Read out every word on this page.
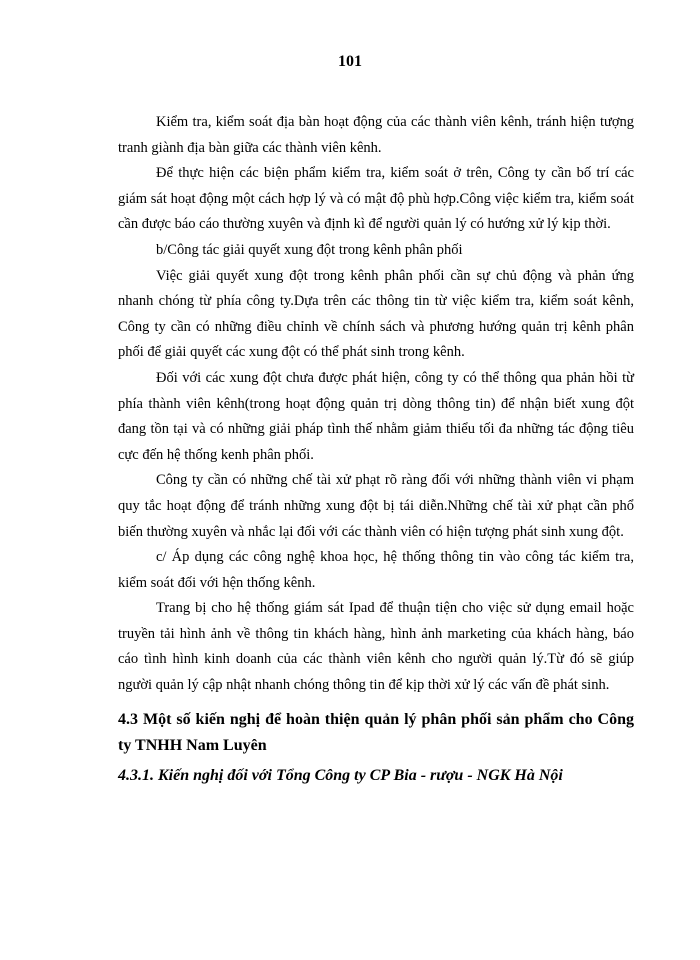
101

Kiểm tra, kiểm soát địa bàn hoạt động của các thành viên kênh, tránh hiện tượng tranh giành địa bàn giữa các thành viên kênh.

Để thực hiện các biện phẩm kiểm tra, kiểm soát ở trên, Công ty cần bố trí các giám sát hoạt động một cách hợp lý và có mật độ phù hợp.Công việc kiểm tra, kiểm soát cần được báo cáo thường xuyên và định kì để người quản lý có hướng xử lý kịp thời.

b/Công tác giải quyết xung đột trong kênh phân phối

Việc giải quyết xung đột trong kênh phân phối cần sự chủ động và phản ứng nhanh chóng từ phía công ty.Dựa trên các thông tin từ việc kiểm tra, kiểm soát kênh, Công ty cần có những điều chỉnh về chính sách và phương hướng quản trị kênh phân phối để giải quyết các xung đột có thể phát sinh trong kênh.

Đối với các xung đột chưa được phát hiện, công ty có thể thông qua phản hồi từ phía thành viên kênh(trong hoạt động quản trị dòng thông tin) để nhận biết xung đột đang tồn tại và có những giải pháp tình thế nhằm giảm thiểu tối đa những tác động tiêu cực đến hệ thống kenh phân phối.

Công ty cần có những chế tài xử phạt rõ ràng đối với những thành viên vi phạm quy tắc hoạt động để tránh những xung đột bị tái diễn.Những chế tài xử phạt cần phổ biến thường xuyên và nhắc lại đối với các thành viên có hiện tượng phát sinh xung đột.

c/ Áp dụng các công nghệ khoa học, hệ thống thông tin vào công tác kiểm tra, kiểm soát đối với hện thống kênh.

Trang bị cho hệ thống giám sát Ipad để thuận tiện cho việc sử dụng email hoặc truyền tải hình ảnh về thông tin khách hàng, hình ảnh marketing của khách hàng, báo cáo tình hình kinh doanh của các thành viên kênh cho người quản lý.Từ đó sẽ giúp người quản lý cập nhật nhanh chóng thông tin để kịp thời xử lý các vấn đề phát sinh.

4.3 Một số kiến nghị để hoàn thiện quản lý phân phối sản phẩm cho Công ty TNHH Nam Luyên

4.3.1. Kiến nghị đối với Tổng Công ty CP Bia - rượu - NGK Hà Nội
